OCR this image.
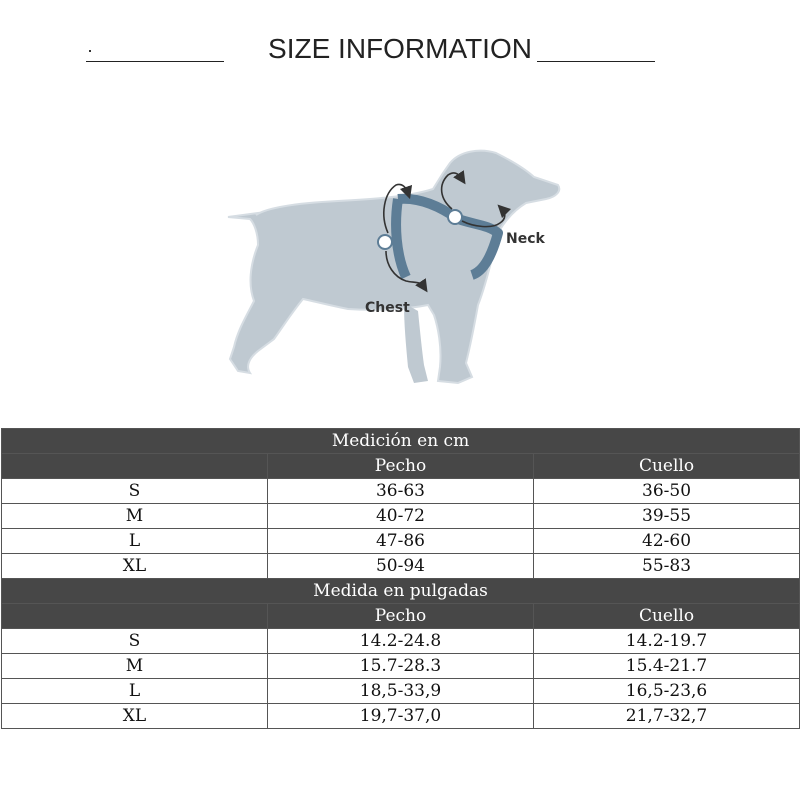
SIZE INFORMATION
Neck
Chest
Medición en cm		
	Pecho	Cuello
S	36-63	36-50
M	40-72	39-55
L	47-86	42-60
XL	50-94	55-83
Medida en pulgadas		
	Pecho	Cuello
S	14.2-24.8	14.2-19.7
M	15.7-28.3	15.4-21.7
L	18,5-33,9	16,5-23,6
XL	19,7-37,0	21,7-32,7
